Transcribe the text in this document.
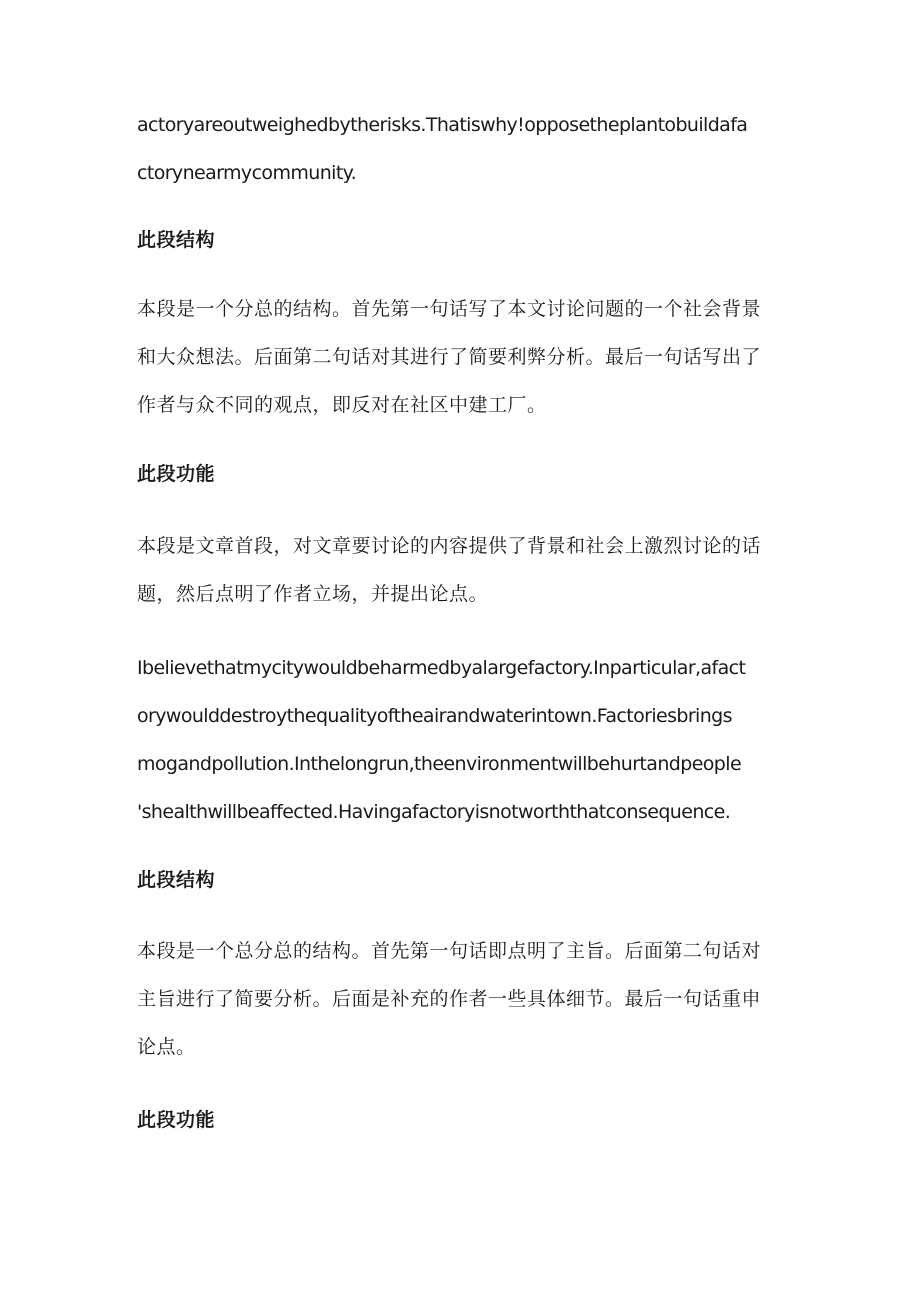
actoryareoutweighedbytherisks.Thatiswhy!opposetheplantobuildafa
ctorynearmycommunity.
此段结构
本段是一个分总的结构。首先第一句话写了本文讨论问题的一个社会背景
和大众想法。后面第二句话对其进行了简要利弊分析。最后一句话写出了
作者与众不同的观点，即反对在社区中建工厂。
此段功能
本段是文章首段，对文章要讨论的内容提供了背景和社会上激烈讨论的话
题，然后点明了作者立场，并提出论点。
Ibelievethatmycitywouldbeharmedbyalargefactory.Inparticular,afact
orywoulddestroythequalityoftheairandwaterintown.Factoriesbrings
mogandpollution.Inthelongrun,theenvironmentwillbehurtandpeople
'shealthwillbeaffected.Havingafactoryisnotworththatconsequence.
此段结构
本段是一个总分总的结构。首先第一句话即点明了主旨。后面第二句话对
主旨进行了简要分析。后面是补充的作者一些具体细节。最后一句话重申
论点。
此段功能
